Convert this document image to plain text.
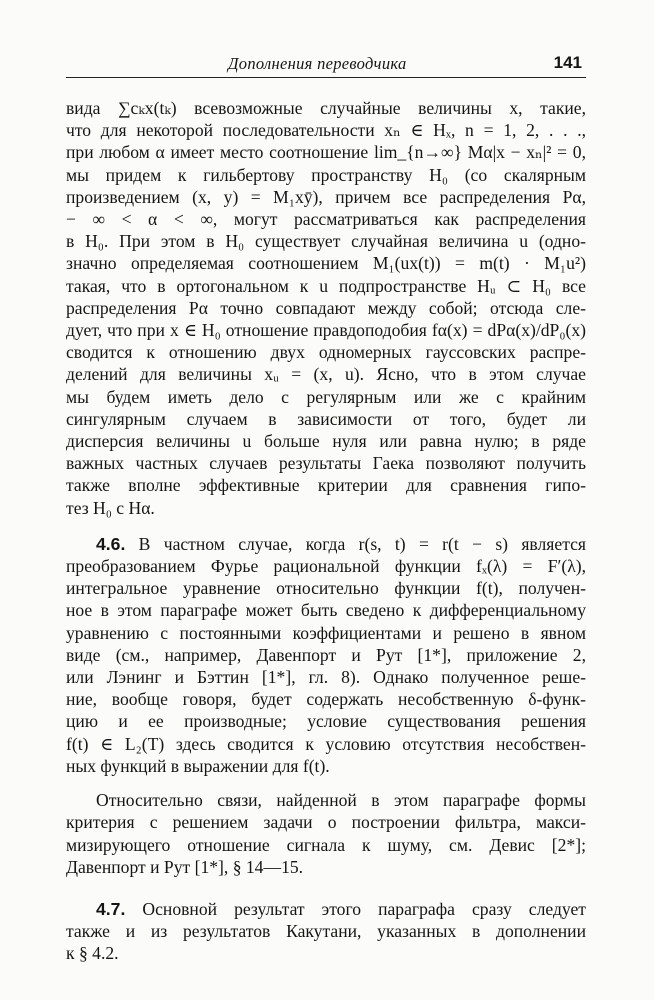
Дополнения переводчика	141

вида ∑cₖx(tₖ) всевозможные случайные величины x, такие,

что для некоторой последовательности xₙ ∈ Hₓ, n = 1, 2, . . .,

при любом α имеет место соотношение lim_{n→∞} Mα|x − xₙ|² = 0,

мы придем к гильбертову пространству H₀ (со скалярным

произведением (x, y) = M₁xȳ), причем все распределения Pα,

− ∞ < α < ∞, могут рассматриваться как распределения

в H₀. При этом в H₀ существует случайная величина u (одно-

значно определяемая соотношением M₁(ux(t)) = m(t) · M₁u²)

такая, что в ортогональном к u подпространстве Hᵤ ⊂ H₀ все

распределения Pα точно совпадают между собой; отсюда сле-

дует, что при x ∈ H₀ отношение правдоподобия fα(x) = dPα(x)/dP₀(x)

сводится к отношению двух одномерных гауссовских распре-

делений для величины xᵤ = (x, u). Ясно, что в этом случае

мы будем иметь дело с регулярным или же с крайним

сингулярным случаем в зависимости от того, будет ли

дисперсия величины u больше нуля или равна нулю; в ряде

важных частных случаев результаты Гаека позволяют получить

также вполне эффективные критерии для сравнения гипо-

тез H₀ с Hα.

4.6. В частном случае, когда r(s, t) = r(t − s) является

преобразованием Фурье рациональной функции fₓ(λ) = F′(λ),

интегральное уравнение относительно функции f(t), получен-

ное в этом параграфе может быть сведено к дифференциальному

уравнению с постоянными коэффициентами и решено в явном

виде (см., например, Давенпорт и Рут [1*], приложение 2,

или Лэнинг и Бэттин [1*], гл. 8). Однако полученное реше-

ние, вообще говоря, будет содержать несобственную δ-функ-

цию и ее производные; условие существования решения

f(t) ∈ L₂(T) здесь сводится к условию отсутствия несобствен-

ных функций в выражении для f(t).

Относительно связи, найденной в этом параграфе формы

критерия с решением задачи о построении фильтра, макси-

мизирующего отношение сигнала к шуму, см. Девис [2*];

Давенпорт и Рут [1*], § 14—15.

4.7. Основной результат этого параграфа сразу следует

также и из результатов Какутани, указанных в дополнении

к § 4.2.
